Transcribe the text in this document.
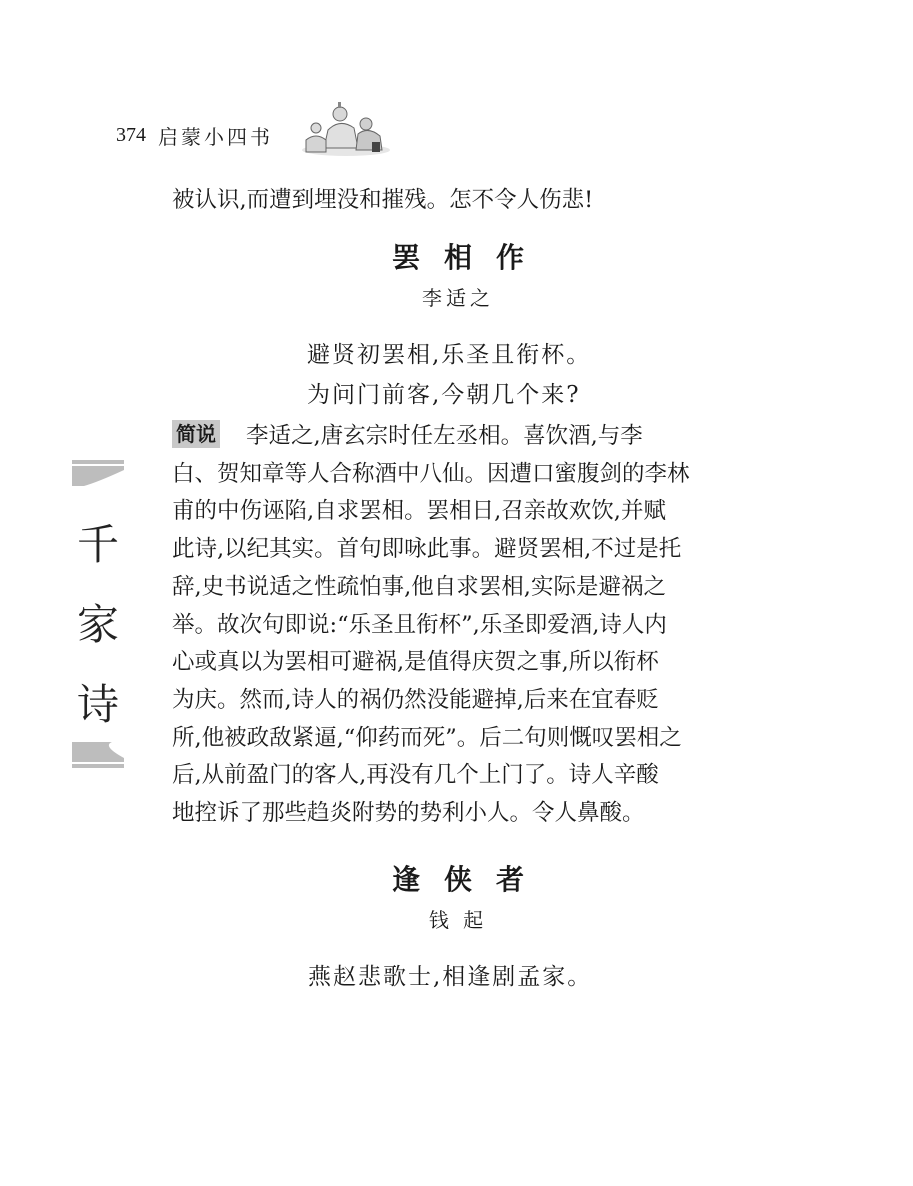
374 启蒙小四书
千
家
诗
被认识,而遭到埋没和摧残。怎不令人伤悲!
罢相作
李适之
避贤初罢相,乐圣且衔杯。
为问门前客,今朝几个来?
简说 李适之,唐玄宗时任左丞相。喜饮酒,与李
白、贺知章等人合称酒中八仙。因遭口蜜腹剑的李林
甫的中伤诬陷,自求罢相。罢相日,召亲故欢饮,并赋
此诗,以纪其实。首句即咏此事。避贤罢相,不过是托
辞,史书说适之性疏怕事,他自求罢相,实际是避祸之
举。故次句即说:“乐圣且衔杯”,乐圣即爱酒,诗人内
心或真以为罢相可避祸,是值得庆贺之事,所以衔杯
为庆。然而,诗人的祸仍然没能避掉,后来在宜春贬
所,他被政敌紧逼,“仰药而死”。后二句则慨叹罢相之
后,从前盈门的客人,再没有几个上门了。诗人辛酸
地控诉了那些趋炎附势的势利小人。令人鼻酸。
逢侠者
钱 起
燕赵悲歌士,相逢剧孟家。
